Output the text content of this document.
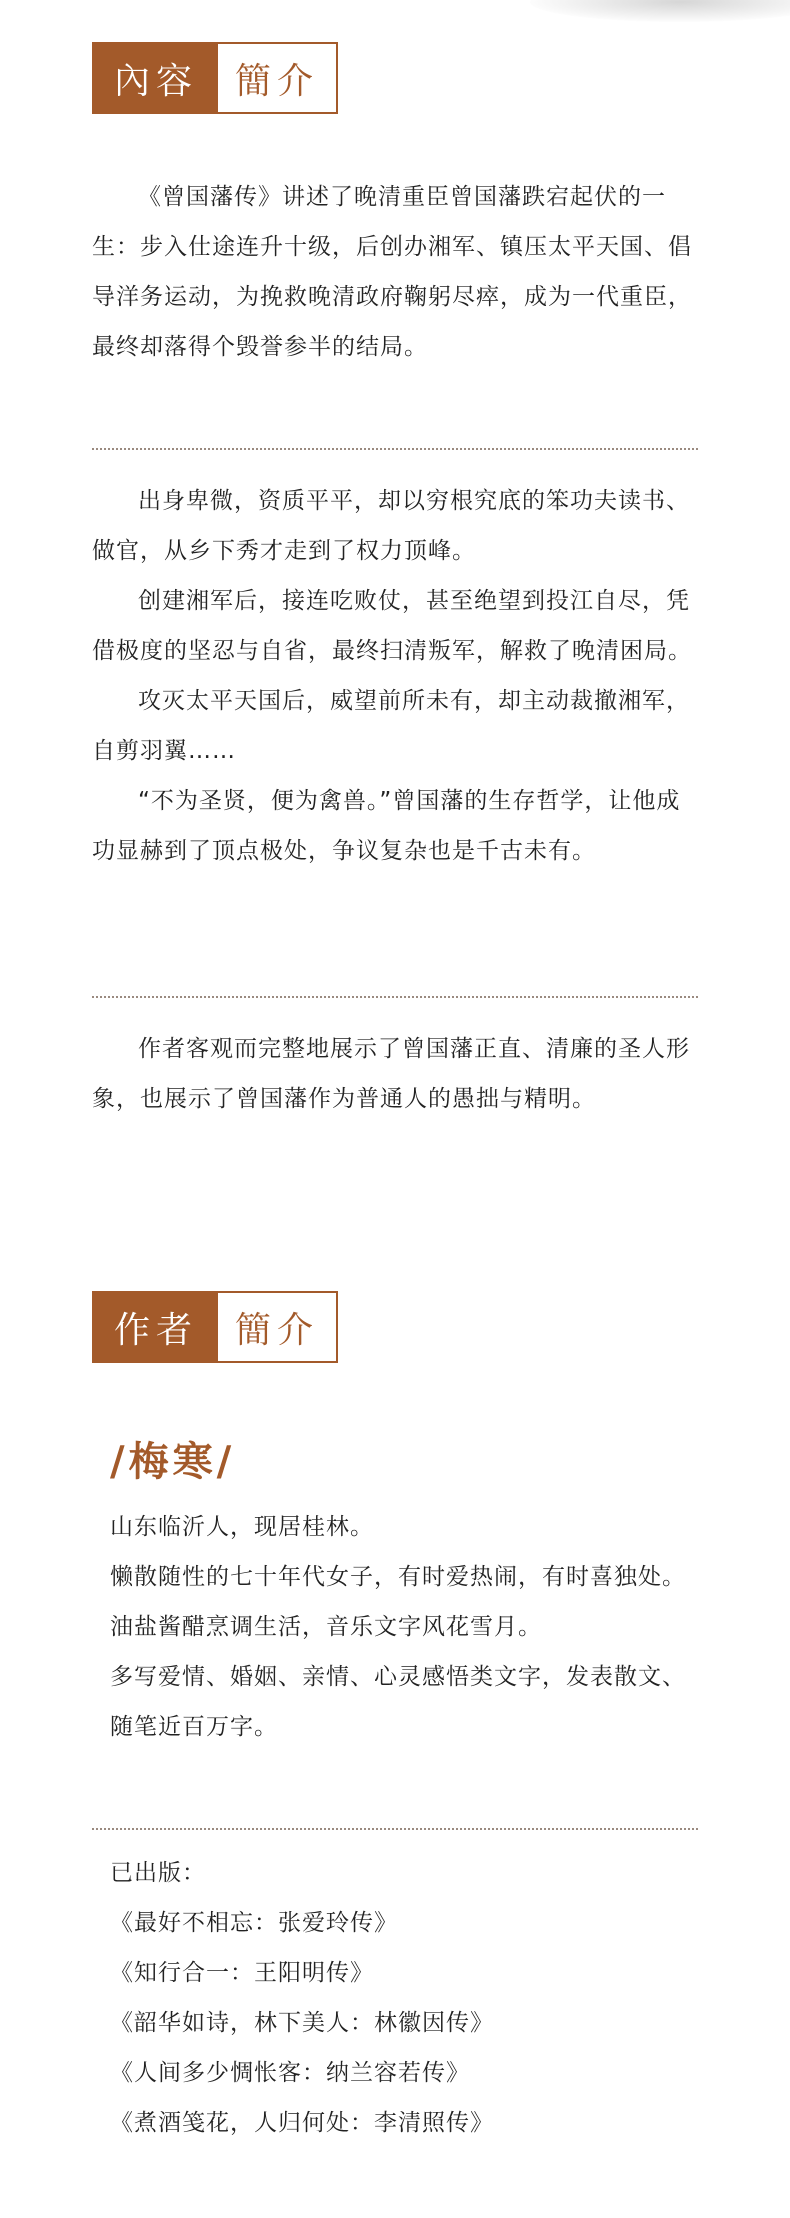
內容	簡介

《曾国藩传》讲述了晚清重臣曾国藩跌宕起伏的一生：步入仕途连升十级，后创办湘军、镇压太平天国、倡导洋务运动，为挽救晚清政府鞠躬尽瘁，成为一代重臣，最终却落得个毁誉参半的结局。

出身卑微，资质平平，却以穷根究底的笨功夫读书、做官，从乡下秀才走到了权力顶峰。

创建湘军后，接连吃败仗，甚至绝望到投江自尽，凭借极度的坚忍与自省，最终扫清叛军，解救了晚清困局。

攻灭太平天国后，威望前所未有，却主动裁撤湘军，自剪羽翼……

“不为圣贤，便为禽兽。”曾国藩的生存哲学，让他成功显赫到了顶点极处，争议复杂也是千古未有。

作者客观而完整地展示了曾国藩正直、清廉的圣人形象，也展示了曾国藩作为普通人的愚拙与精明。

作者	簡介
/梅寒/

山东临沂人，现居桂林。

懒散随性的七十年代女子，有时爱热闹，有时喜独处。

油盐酱醋烹调生活，音乐文字风花雪月。

多写爱情、婚姻、亲情、心灵感悟类文字，发表散文、随笔近百万字。

已出版：

《最好不相忘：张爱玲传》

《知行合一：王阳明传》

《韶华如诗，林下美人：林徽因传》

《人间多少惆怅客：纳兰容若传》

《煮酒笺花，人归何处：李清照传》
